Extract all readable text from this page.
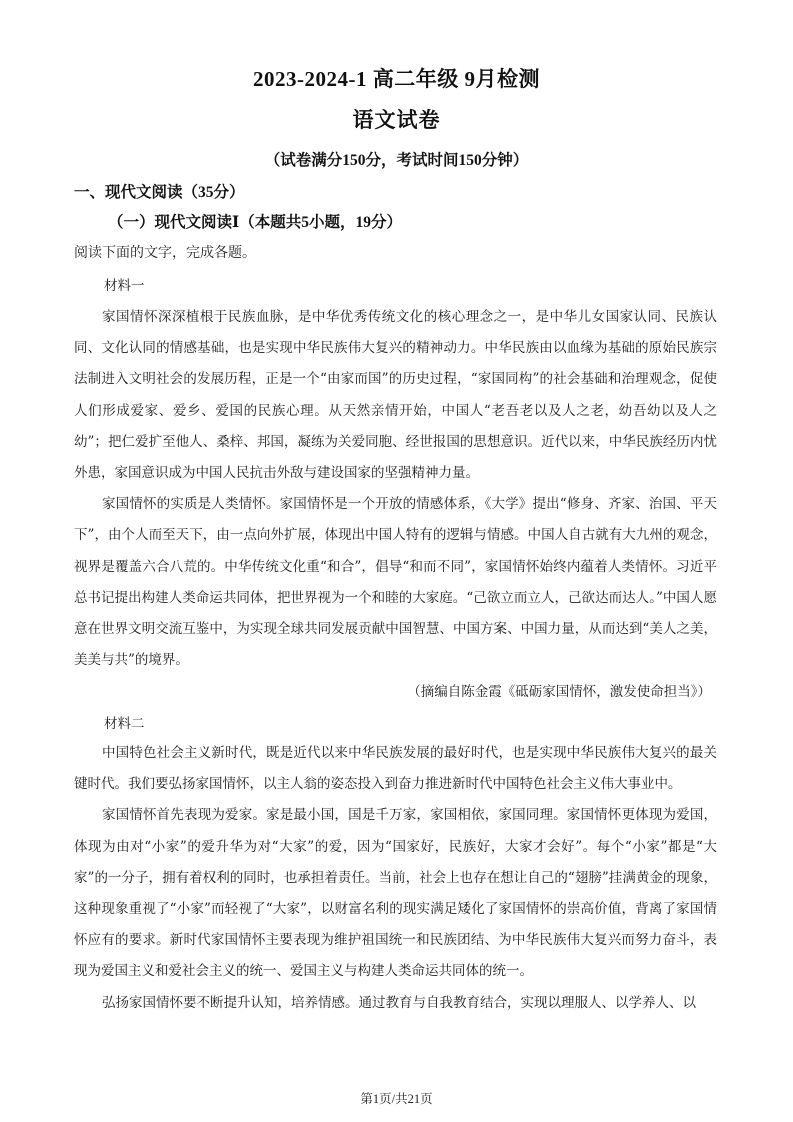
2023-2024-1 高二年级 9月检测
语文试卷
（试卷满分150分，考试时间150分钟）
一、现代文阅读（35分）
（一）现代文阅读Ⅰ（本题共5小题，19分）
阅读下面的文字，完成各题。
材料一

家国情怀深深植根于民族血脉，是中华优秀传统文化的核心理念之一，是中华儿女国家认同、民族认同、文化认同的情感基础，也是实现中华民族伟大复兴的精神动力。中华民族由以血缘为基础的原始民族宗法制进入文明社会的发展历程，正是一个“由家而国”的历史过程，“家国同构”的社会基础和治理观念，促使人们形成爱家、爱乡、爱国的民族心理。从天然亲情开始，中国人“老吾老以及人之老，幼吾幼以及人之幼”；把仁爱扩至他人、桑梓、邦国，凝练为关爱同胞、经世报国的思想意识。近代以来，中华民族经历内忧外患，家国意识成为中国人民抗击外敌与建设国家的坚强精神力量。

家国情怀的实质是人类情怀。家国情怀是一个开放的情感体系，《大学》提出“修身、齐家、治国、平天下”，由个人而至天下，由一点向外扩展，体现出中国人特有的逻辑与情感。中国人自古就有大九州的观念，视界是覆盖六合八荒的。中华传统文化重“和合”，倡导“和而不同”，家国情怀始终内蕴着人类情怀。习近平总书记提出构建人类命运共同体，把世界视为一个和睦的大家庭。“己欲立而立人，己欲达而达人。”中国人愿意在世界文明交流互鉴中，为实现全球共同发展贡献中国智慧、中国方案、中国力量，从而达到“美人之美，美美与共”的境界。

（摘编自陈金霞《砥砺家国情怀，激发使命担当》）
材料二

中国特色社会主义新时代，既是近代以来中华民族发展的最好时代，也是实现中华民族伟大复兴的最关键时代。我们要弘扬家国情怀，以主人翁的姿态投入到奋力推进新时代中国特色社会主义伟大事业中。

家国情怀首先表现为爱家。家是最小国，国是千万家，家国相依，家国同理。家国情怀更体现为爱国，体现为由对“小家”的爱升华为对“大家”的爱，因为“国家好，民族好，大家才会好”。每个“小家”都是“大家”的一分子，拥有着权利的同时，也承担着责任。当前，社会上也存在想让自己的“翅膀”挂满黄金的现象，这种现象重视了“小家”而轻视了“大家”，以财富名利的现实满足矮化了家国情怀的崇高价值，背离了家国情怀应有的要求。新时代家国情怀主要表现为维护祖国统一和民族团结、为中华民族伟大复兴而努力奋斗，表现为爱国主义和爱社会主义的统一、爱国主义与构建人类命运共同体的统一。

弘扬家国情怀要不断提升认知，培养情感。通过教育与自我教育结合，实现以理服人、以学养人、以

第1页/共21页
